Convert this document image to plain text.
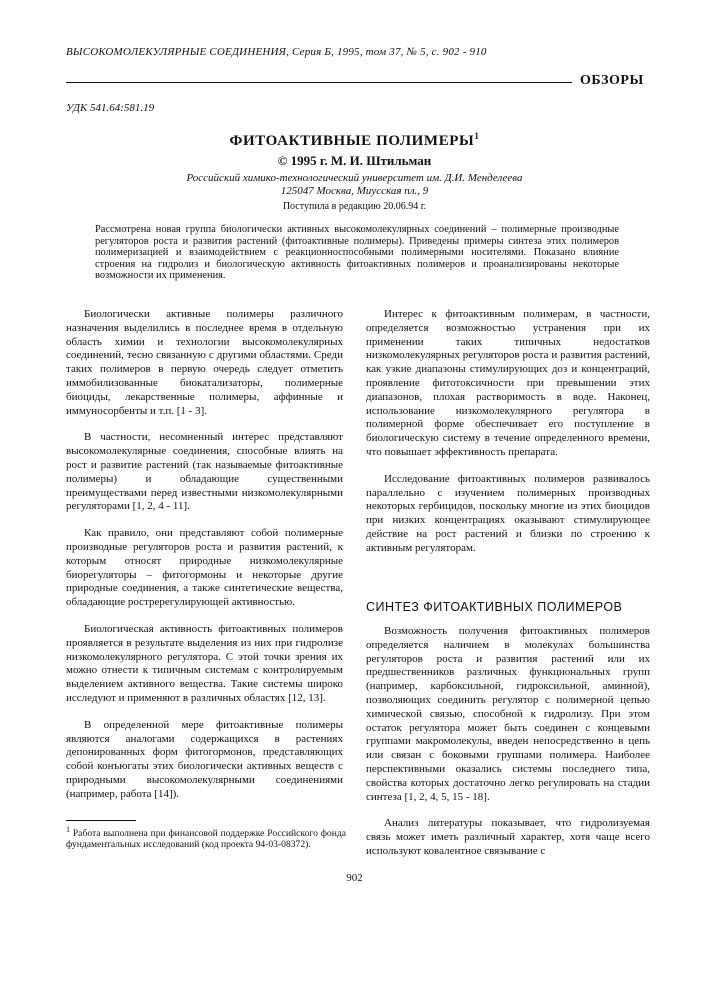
ВЫСОКОМОЛЕКУЛЯРНЫЕ СОЕДИНЕНИЯ, Серия Б, 1995, том 37, № 5, с. 902 - 910
ОБЗОРЫ
УДК 541.64:581.19
ФИТОАКТИВНЫЕ ПОЛИМЕРЫ$^1$
© 1995 г. М. И. Штильман
Российский химико-технологический университет им. Д.И. Менделеева
125047 Москва, Миусская пл., 9
Поступила в редакцию 20.06.94 г.
Рассмотрена новая группа биологически активных высокомолекулярных соединений – полимерные производные регуляторов роста и развития растений (фитоактивные полимеры). Приведены примеры синтеза этих полимеров полимеризацией и взаимодействием с реакционноспособными полимерными носителями. Показано влияние строения на гидролиз и биологическую активность фитоактивных полимеров и проанализированы некоторые возможности их применения.

Биологически активные полимеры различного назначения выделились в последнее время в отдельную область химии и технологии высокомолекулярных соединений, тесно связанную с другими областями. Среди таких полимеров в первую очередь следует отметить иммобилизованные биокатализаторы, полимерные биоциды, лекарственные полимеры, аффинные и иммуносорбенты и т.п. [1 - 3].

В частности, несомненный интерес представляют высокомолекулярные соединения, способные влиять на рост и развитие растений (так называемые фитоактивные полимеры) и обладающие существенными преимуществами перед известными низкомолекулярными регуляторами [1, 2, 4 - 11].

Как правило, они представляют собой полимерные производные регуляторов роста и развития растений, к которым относят природные низкомолекулярные биорегуляторы – фитогормоны и некоторые другие природные соединения, а также синтетические вещества, обладающие ростререгулирующей активностью.

Биологическая активность фитоактивных полимеров проявляется в результате выделения из них при гидролизе низкомолекулярного регулятора. С этой точки зрения их можно отнести к типичным системам с контролируемым выделением активного вещества. Такие системы широко исследуют и применяют в различных областях [12, 13].

В определенной мере фитоактивные полимеры являются аналогами содержащихся в растениях депонированных форм фитогормонов, представляющих собой конъюгаты этих биологически активных веществ с природными высокомолекулярными соединениями (например, работа [14]).

Интерес к фитоактивным полимерам, в частности, определяется возможностью устранения при их применении таких типичных недостатков низкомолекулярных регуляторов роста и развития растений, как узкие диапазоны стимулирующих доз и концентраций, проявление фитотоксичности при превышении этих диапазонов, плохая растворимость в воде. Наконец, использование низкомолекулярного регулятора в полимерной форме обеспечивает его поступление в биологическую систему в течение определенного времени, что повышает эффективность препарата.

Исследование фитоактивных полимеров развивалось параллельно с изучением полимерных производных некоторых гербицидов, поскольку многие из этих биоцидов при низких концентрациях оказывают стимулирующее действие на рост растений и близки по строению к активным регуляторам.

СИНТЕЗ ФИТОАКТИВНЫХ ПОЛИМЕРОВ

Возможность получения фитоактивных полимеров определяется наличием в молекулах большинства регуляторов роста и развития растений или их предшественников различных функциональных групп (например, карбоксильной, гидроксильной, аминной), позволяющих соединить регулятор с полимерной цепью химической связью, способной к гидролизу. При этом остаток регулятора может быть соединен с концевыми группами макромолекулы, введен непосредственно в цепь или связан с боковыми группами полимера. Наиболее перспективными оказались системы последнего типа, свойства которых достаточно легко регулировать на стадии синтеза [1, 2, 4, 5, 15 - 18].

Анализ литературы показывает, что гидролизуемая связь может иметь различный характер, хотя чаще всего используют ковалентное связывание с

$^1$ Работа выполнена при финансовой поддержке Российского фонда фундаментальных исследований (код проекта 94-03-08372).
902
